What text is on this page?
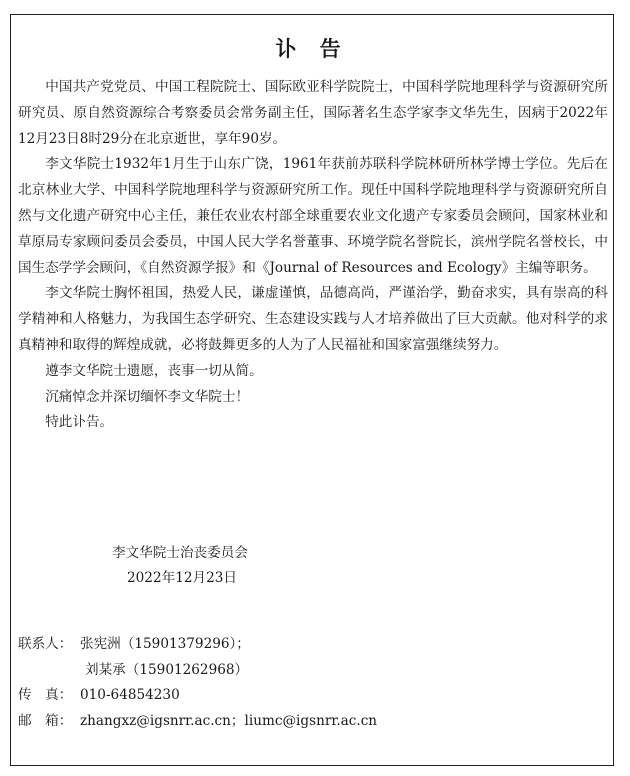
讣 告

中国共产党党员、中国工程院院士、国际欧亚科学院院士，中国科学院地理科学与资源研究所研究员、原自然资源综合考察委员会常务副主任，国际著名生态学家李文华先生，因病于2022年12月23日8时29分在北京逝世，享年90岁。

李文华院士1932年1月生于山东广饶，1961年获前苏联科学院林研所林学博士学位。先后在北京林业大学、中国科学院地理科学与资源研究所工作。现任中国科学院地理科学与资源研究所自然与文化遗产研究中心主任，兼任农业农村部全球重要农业文化遗产专家委员会顾问，国家林业和草原局专家顾问委员会委员，中国人民大学名誉董事、环境学院名誉院长，滨州学院名誉校长，中国生态学学会顾问，《自然资源学报》和《Journal of Resources and Ecology》主编等职务。

李文华院士胸怀祖国，热爱人民，谦虚谨慎，品德高尚，严谨治学，勤奋求实，具有崇高的科学精神和人格魅力，为我国生态学研究、生态建设实践与人才培养做出了巨大贡献。他对科学的求真精神和取得的辉煌成就，必将鼓舞更多的人为了人民福祉和国家富强继续努力。

遵李文华院士遗愿，丧事一切从简。

沉痛悼念并深切缅怀李文华院士！

特此讣告。

李文华院士治丧委员会
2022年12月23日
联系人： 张宪洲（15901379296）；
刘某承（15901262968）
传　真： 010-64854230
邮　箱： zhangxz@igsnrr.ac.cn；liumc@igsnrr.ac.cn
